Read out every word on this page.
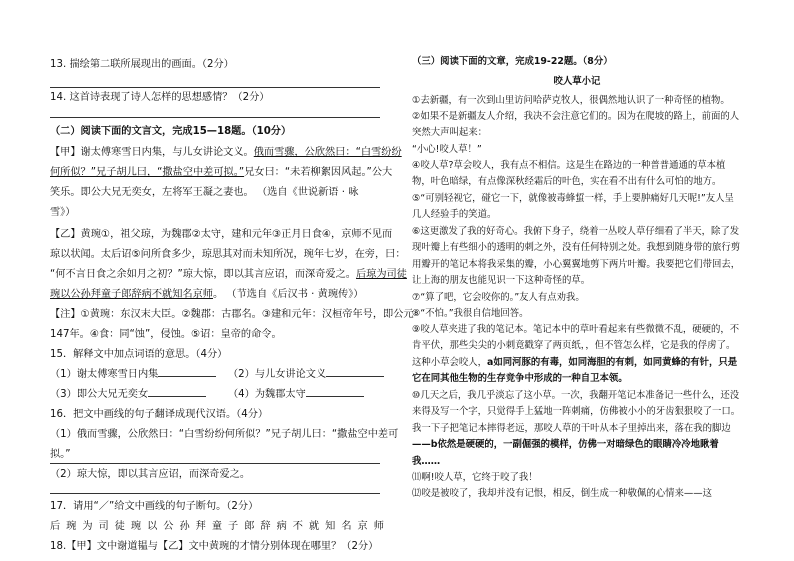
13. 揣绘第二联所展现出的画面。（2分）
14. 这首诗表现了诗人怎样的思想感情？（2分）
（二）阅读下面的文言文，完成15—18题。（10分）
【甲】谢太傅寒雪日内集，与儿女讲论文义。俄而雪骤，公欣然曰：“白雪纷纷
何所似？”兄子胡儿曰，“撒盐空中差可拟。”兄女曰：“未若柳絮因风起。”公大
笑乐。即公大兄无奕女，左将军王凝之妻也。 （选自《世说新语 · 咏
雪》）
【乙】黄琬①，祖父琼，为魏郡②太守，建和元年③正月日食④，京师不见而
琼以状闻。太后诏⑤问所食多少，琼思其对而未知所况，琬年七岁，在旁，曰：
“何不言日食之余如月之初？”琼大惊，即以其言应诏，而深奇爱之。后琼为司徒
琬以公孙拜童子郎辞病不就知名京师。 （节选自《后汉书 · 黄琬传》）
【注】①黄琬：东汉末大臣。②魏郡：古郡名。③建和元年：汉桓帝年号，即公元
147年。④食：同“蚀”，侵蚀。⑤诏：皇帝的命令。
15．解释文中加点词语的意思。（4分）
（1）谢太傅寒雪日内集	（2）与儿女讲论文义
（3）即公大兄无奕女	（4）为魏郡太守
16．把文中画线的句子翻译成现代汉语。（4分）
（1）俄而雪骤，公欣然曰：“白雪纷纷何所似？”兄子胡儿曰：“撒盐空中差可
拟。”
（2）琼大惊，即以其言应诏，而深奇爱之。
17．请用“／”给文中画线的句子断句。（2分）
后琬为司徒琬以公孙拜童子郎辞病不就知名京师
18.【甲】文中谢道韫与【乙】文中黄琬的才情分别体现在哪里？（2分）
（三）阅读下面的文章，完成19-22题。（8分）
咬人草小记
①去新疆，有一次到山里访问哈萨克牧人，很偶然地认识了一种奇怪的植物。
②如果不是新疆友人介绍，我决不会注意它们的。因为在爬坡的路上，前面的人突然大声叫起来：
“小心!咬人草！”
④咬人草?草会咬人，我有点不相信。这是生在路边的一种普普通通的草本植物，叶色暗绿，有点像深秋经霜后的叶色，实在看不出有什么可怕的地方。
⑤“可别轻视它，碰它一下，就像被毒蜂蜇一样，手上要肿痛好几天呢!”友人呈几人经验手的笑道。
⑥这更激发了我的好奇心。我俯下身子，绕着一丛咬人草仔细看了半天，除了发现叶瓣上有些细小的透明的刺之外，没有任何特别之处。我想到随身带的旅行剪用瓣开的笔记本将我采集的瓣，小心翼翼地剪下两片叶瓣。我要把它们带回去，让上海的朋友也能见识一下这种奇怪的草。
⑦“算了吧，它会咬你的。”友人有点劝我。
⑧“不怕。”我很自信地回答。
⑨咬人草夹进了我的笔记本。笔记本中的草叶看起来有些微微不乱，硬硬的，不肯平伏，那些尖尖的小刺竟戳穿了两页纸，，但不管怎么样，它是我的俘虏了。这种小草会咬人，a如同河豚的有毒，如同海胆的有刺，如同黄蜂的有针，只是它在同其他生物的生存竞争中形成的一种自卫本领。
⑩几天之后，我几乎淡忘了这小草。一次，我翻开笔记本准备记一些什么，还没来得及写一个字，只觉得手上猛地一阵刺痛，仿佛被小小的牙齿狠狠咬了一口。我一下子把笔记本摔得老远，那咬人草的干叶从本子里掉出来，落在我的脚边——b依然是硬硬的，一副倔强的模样，仿佛一对暗绿色的眼睛冷冷地瞅着我……
⑾啊!咬人草，它终于咬了我！
⑿咬是被咬了，我却并没有记恨，相反，倒生成一种敬佩的心情来——这
